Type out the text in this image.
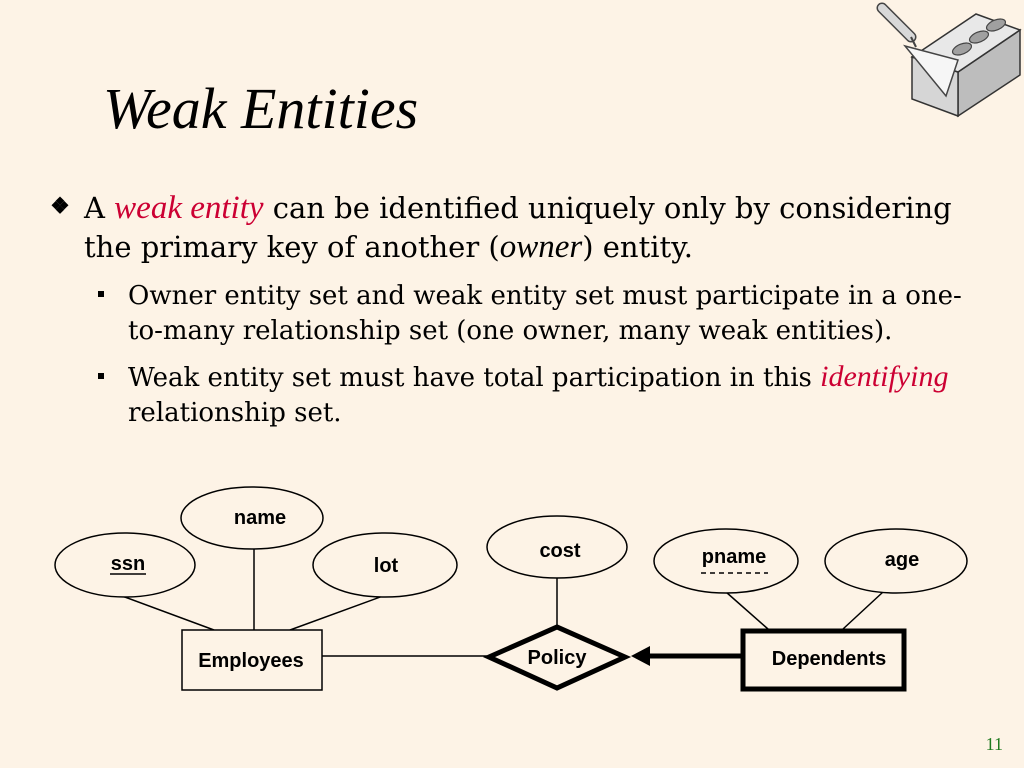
Weak Entities
A weak entity can be identified uniquely only by considering
the primary key of another (owner) entity.
Owner entity set and weak entity set must participate in a one-
to-many relationship set (one owner, many weak entities).
Weak entity set must have total participation in this identifying
relationship set.
name
ssn	lot
cost	pname	age
Employees	Policy	Dependents
11
